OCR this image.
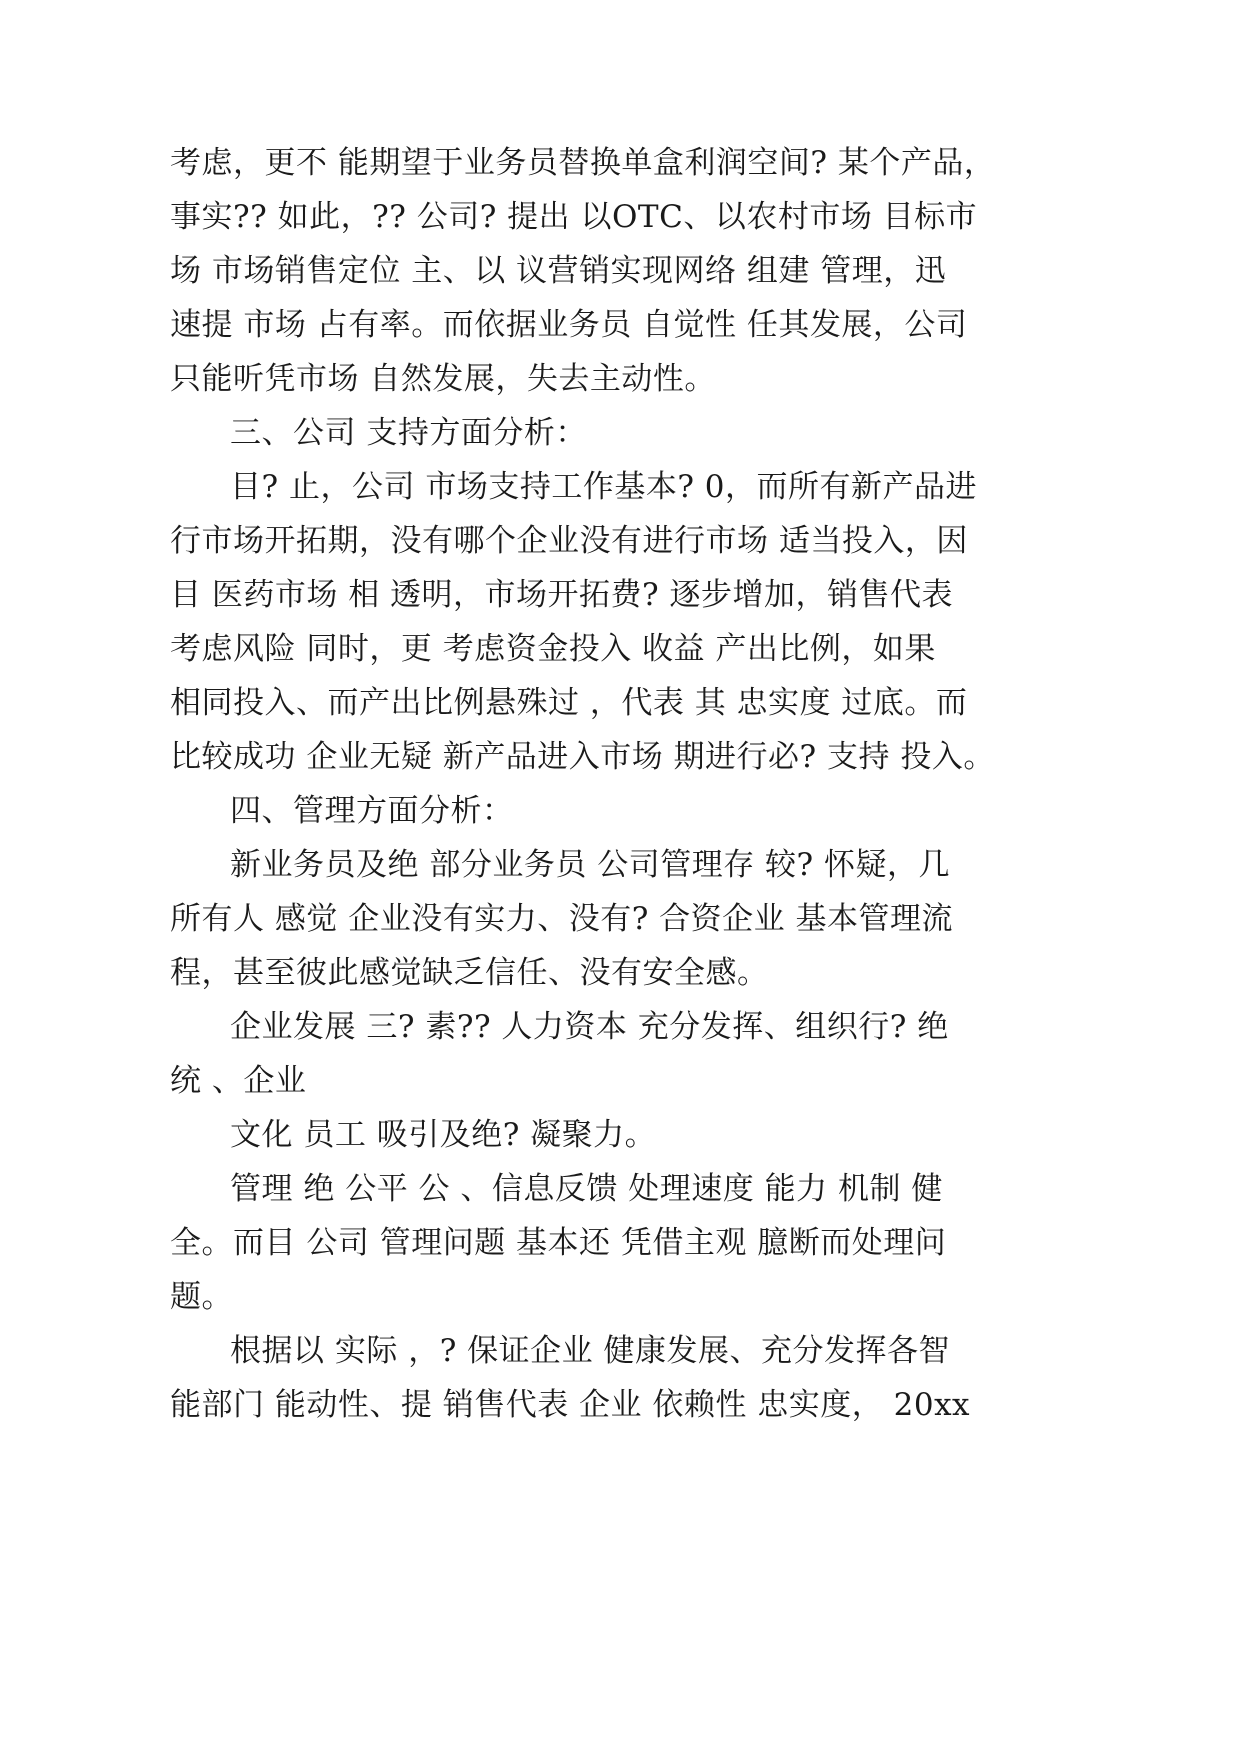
考虑，更不 能期望于业务员替换单盒利润空间? 某个产品，
事实?? 如此，?? 公司? 提出 以OTC、以农村市场 目标市
场 市场销售定位 主、以 议营销实现网络 组建 管理，迅
速提 市场 占有率。而依据业务员 自觉性 任其发展，公司
只能听凭市场 自然发展，失去主动性。
三、公司 支持方面分析：
目? 止，公司 市场支持工作基本? 0，而所有新产品进
行市场开拓期，没有哪个企业没有进行市场 适当投入，因
目 医药市场 相 透明，市场开拓费? 逐步增加，销售代表
考虑风险 同时，更 考虑资金投入 收益 产出比例，如果
相同投入、而产出比例悬殊过 ，代表 其 忠实度 过底。而
比较成功 企业无疑 新产品进入市场 期进行必? 支持 投入。
四、管理方面分析：
新业务员及绝 部分业务员 公司管理存 较? 怀疑，几
所有人 感觉 企业没有实力、没有? 合资企业 基本管理流
程，甚至彼此感觉缺乏信任、没有安全感。
企业发展 三? 素?? 人力资本 充分发挥、组织行? 绝
统 、企业
文化 员工 吸引及绝? 凝聚力。
管理 绝 公平 公 、信息反馈 处理速度 能力 机制 健
全。而目 公司 管理问题 基本还 凭借主观 臆断而处理问
题。
根据以 实际 ，? 保证企业 健康发展、充分发挥各智
能部门 能动性、提 销售代表 企业 依赖性 忠实度， 20xx
